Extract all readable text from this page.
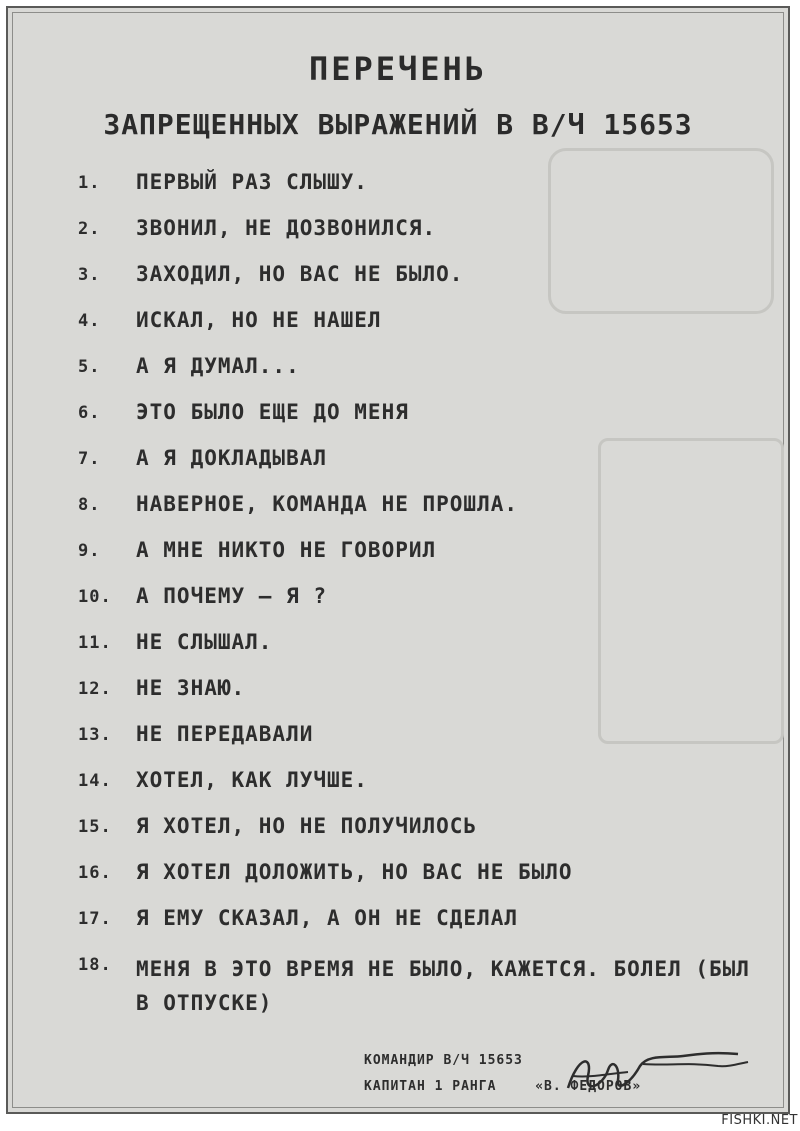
ПЕРЕЧЕНЬ
ЗАПРЕЩЕННЫХ ВЫРАЖЕНИЙ В В/Ч 15653
1.	ПЕРВЫЙ РАЗ СЛЫШУ.
2.	ЗВОНИЛ, НЕ ДОЗВОНИЛСЯ.
3.	ЗАХОДИЛ, НО ВАС НЕ БЫЛО.
4.	ИСКАЛ, НО НЕ НАШЕЛ
5.	А Я ДУМАЛ...
6.	ЭТО БЫЛО ЕЩЕ ДО МЕНЯ
7.	А Я ДОКЛАДЫВАЛ
8.	НАВЕРНОЕ, КОМАНДА НЕ ПРОШЛА.
9.	А МНЕ НИКТО НЕ ГОВОРИЛ
10.	А ПОЧЕМУ – Я ?
11.	НЕ СЛЫШАЛ.
12.	НЕ ЗНАЮ.
13.	НЕ ПЕРЕДАВАЛИ
14.	ХОТЕЛ, КАК ЛУЧШЕ.
15.	Я ХОТЕЛ, НО НЕ ПОЛУЧИЛОСЬ
16.	Я ХОТЕЛ ДОЛОЖИТЬ, НО ВАС НЕ БЫЛО
17.	Я ЕМУ СКАЗАЛ, А ОН НЕ СДЕЛАЛ
18.	МЕНЯ В ЭТО ВРЕМЯ НЕ БЫЛО, КАЖЕТСЯ. БОЛЕЛ (БЫЛ В ОТПУСКЕ)
КОМАНДИР В/Ч 15653
КАПИТАН 1 РАНГА	«В. ФЕДОРОВ»
FISHKI.NET
